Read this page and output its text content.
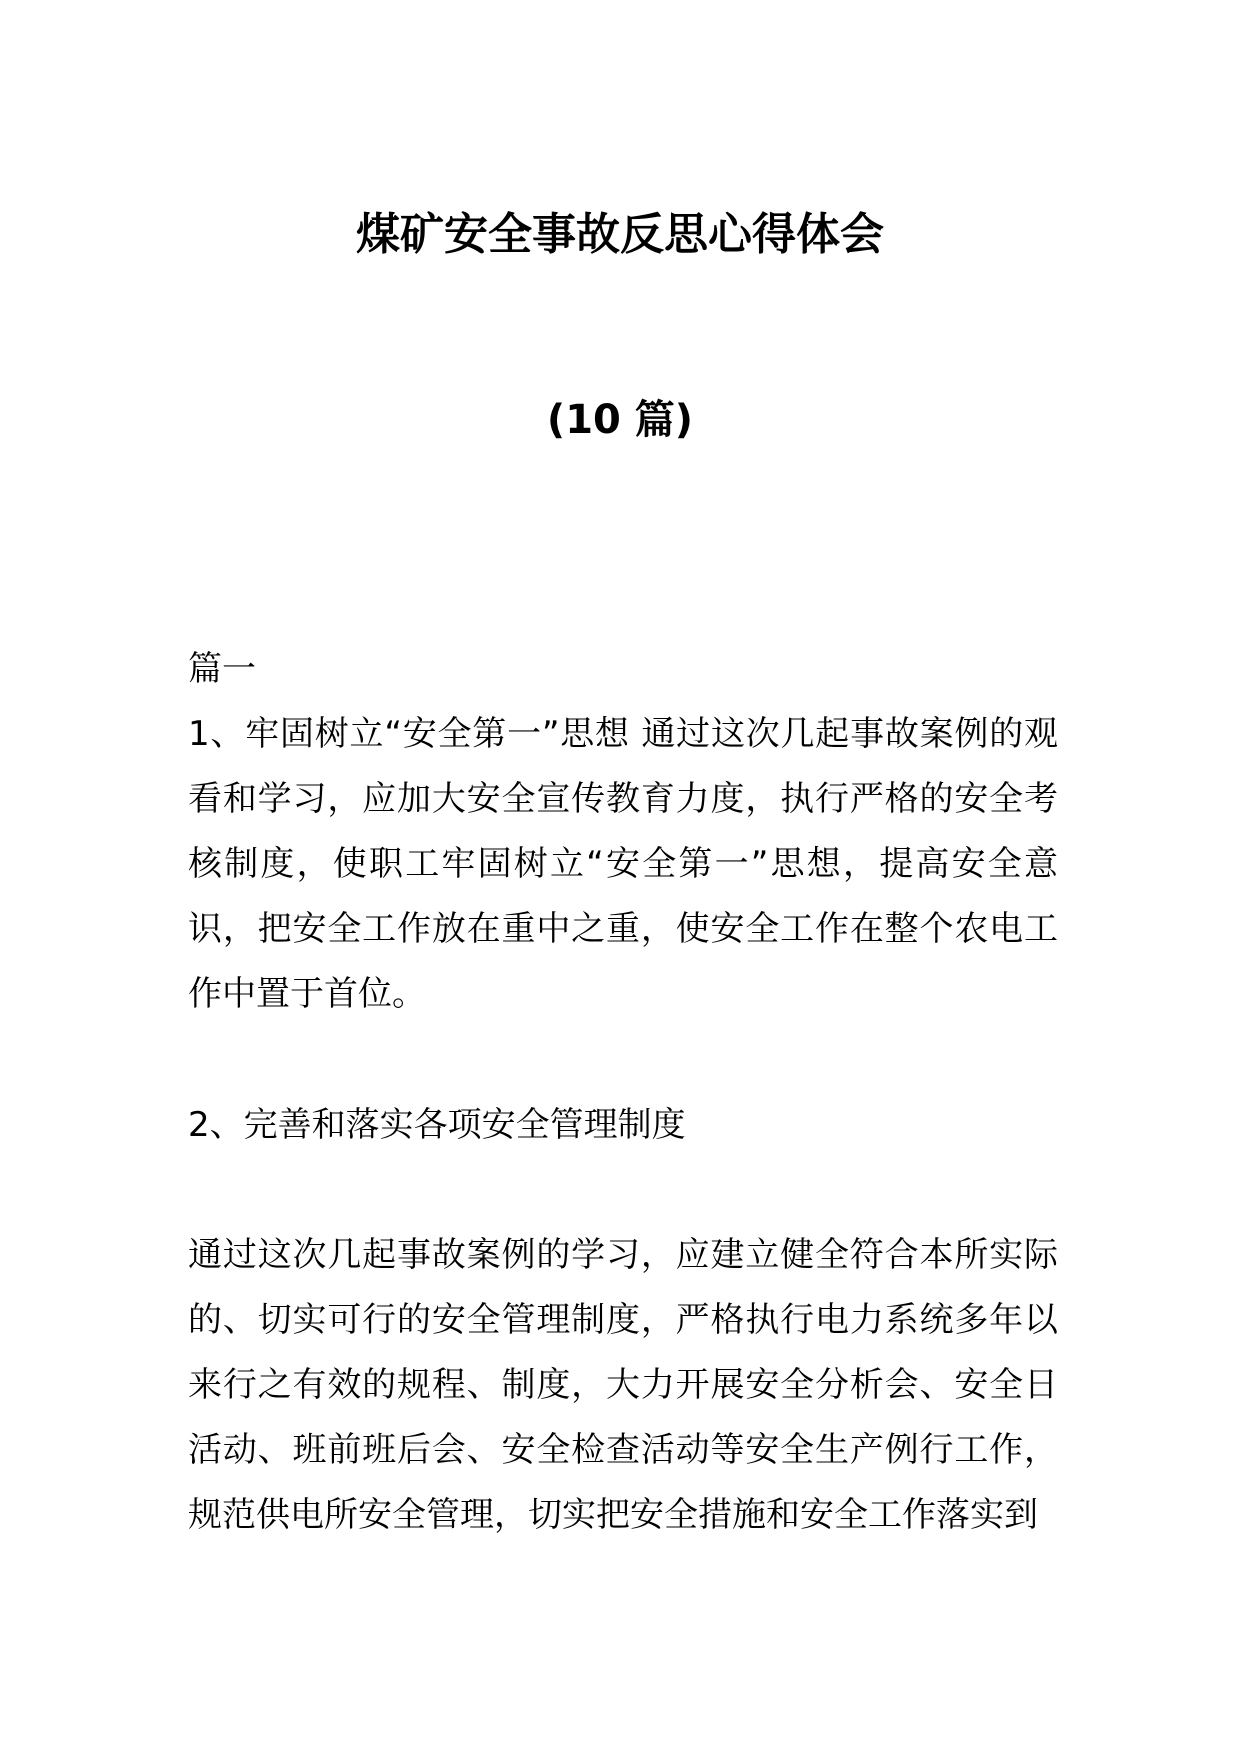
煤矿安全事故反思心得体会
(10 篇)

篇一

1、牢固树立“安全第一”思想 通过这次几起事故案例的观看和学习，应加大安全宣传教育力度，执行严格的安全考核制度，使职工牢固树立“安全第一”思想，提高安全意识，把安全工作放在重中之重，使安全工作在整个农电工作中置于首位。

2、完善和落实各项安全管理制度

通过这次几起事故案例的学习，应建立健全符合本所实际的、切实可行的安全管理制度，严格执行电力系统多年以来行之有效的规程、制度，大力开展安全分析会、安全日活动、班前班后会、安全检查活动等安全生产例行工作，规范供电所安全管理，切实把安全措施和安全工作落实到
